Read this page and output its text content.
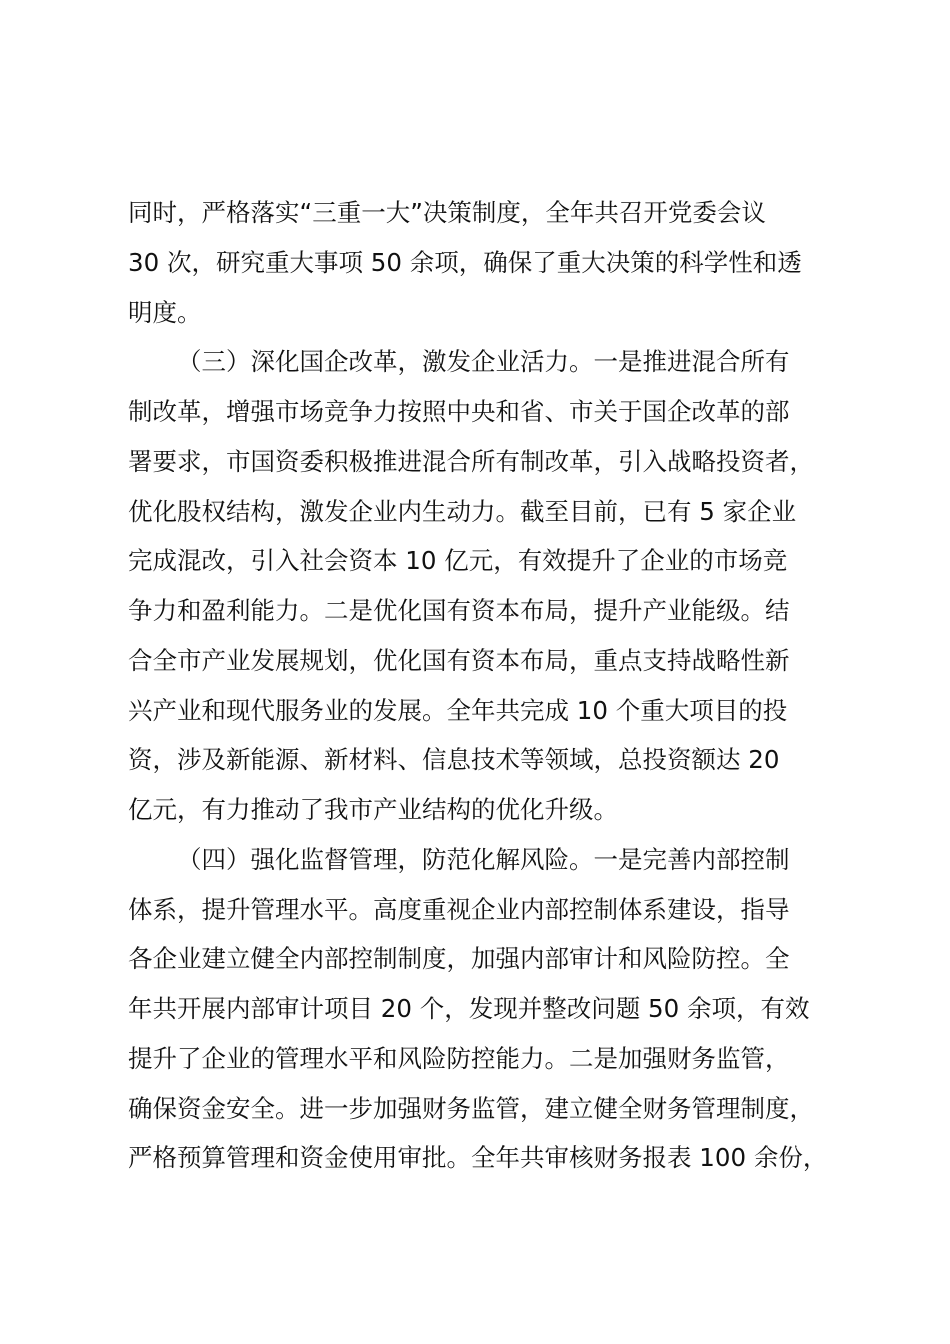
同时，严格落实“三重一大”决策制度，全年共召开党委会议
30 次，研究重大事项 50 余项，确保了重大决策的科学性和透
明度。
（三）深化国企改革，激发企业活力。一是推进混合所有
制改革，增强市场竞争力按照中央和省、市关于国企改革的部
署要求，市国资委积极推进混合所有制改革，引入战略投资者，
优化股权结构，激发企业内生动力。截至目前，已有 5 家企业
完成混改，引入社会资本 10 亿元，有效提升了企业的市场竞
争力和盈利能力。二是优化国有资本布局，提升产业能级。结
合全市产业发展规划，优化国有资本布局，重点支持战略性新
兴产业和现代服务业的发展。全年共完成 10 个重大项目的投
资，涉及新能源、新材料、信息技术等领域，总投资额达 20
亿元，有力推动了我市产业结构的优化升级。
（四）强化监督管理，防范化解风险。一是完善内部控制
体系，提升管理水平。高度重视企业内部控制体系建设，指导
各企业建立健全内部控制制度，加强内部审计和风险防控。全
年共开展内部审计项目 20 个，发现并整改问题 50 余项，有效
提升了企业的管理水平和风险防控能力。二是加强财务监管，
确保资金安全。进一步加强财务监管，建立健全财务管理制度，
严格预算管理和资金使用审批。全年共审核财务报表 100 余份，
